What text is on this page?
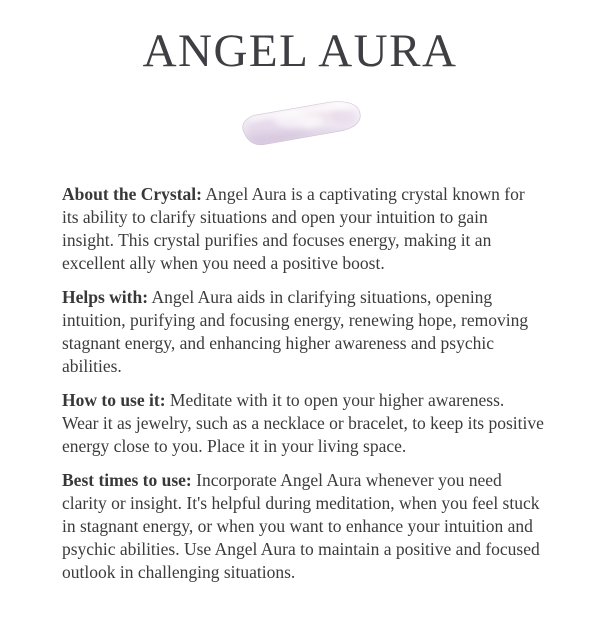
ANGEL AURA

About the Crystal: Angel Aura is a captivating crystal known for its ability to clarify situations and open your intuition to gain insight. This crystal purifies and focuses energy, making it an excellent ally when you need a positive boost.

Helps with: Angel Aura aids in clarifying situations, opening intuition, purifying and focusing energy, renewing hope, removing stagnant energy, and enhancing higher awareness and psychic abilities.

How to use it: Meditate with it to open your higher awareness. Wear it as jewelry, such as a necklace or bracelet, to keep its positive energy close to you. Place it in your living space.

Best times to use: Incorporate Angel Aura whenever you need clarity or insight. It's helpful during meditation, when you feel stuck in stagnant energy, or when you want to enhance your intuition and psychic abilities. Use Angel Aura to maintain a positive and focused outlook in challenging situations.
